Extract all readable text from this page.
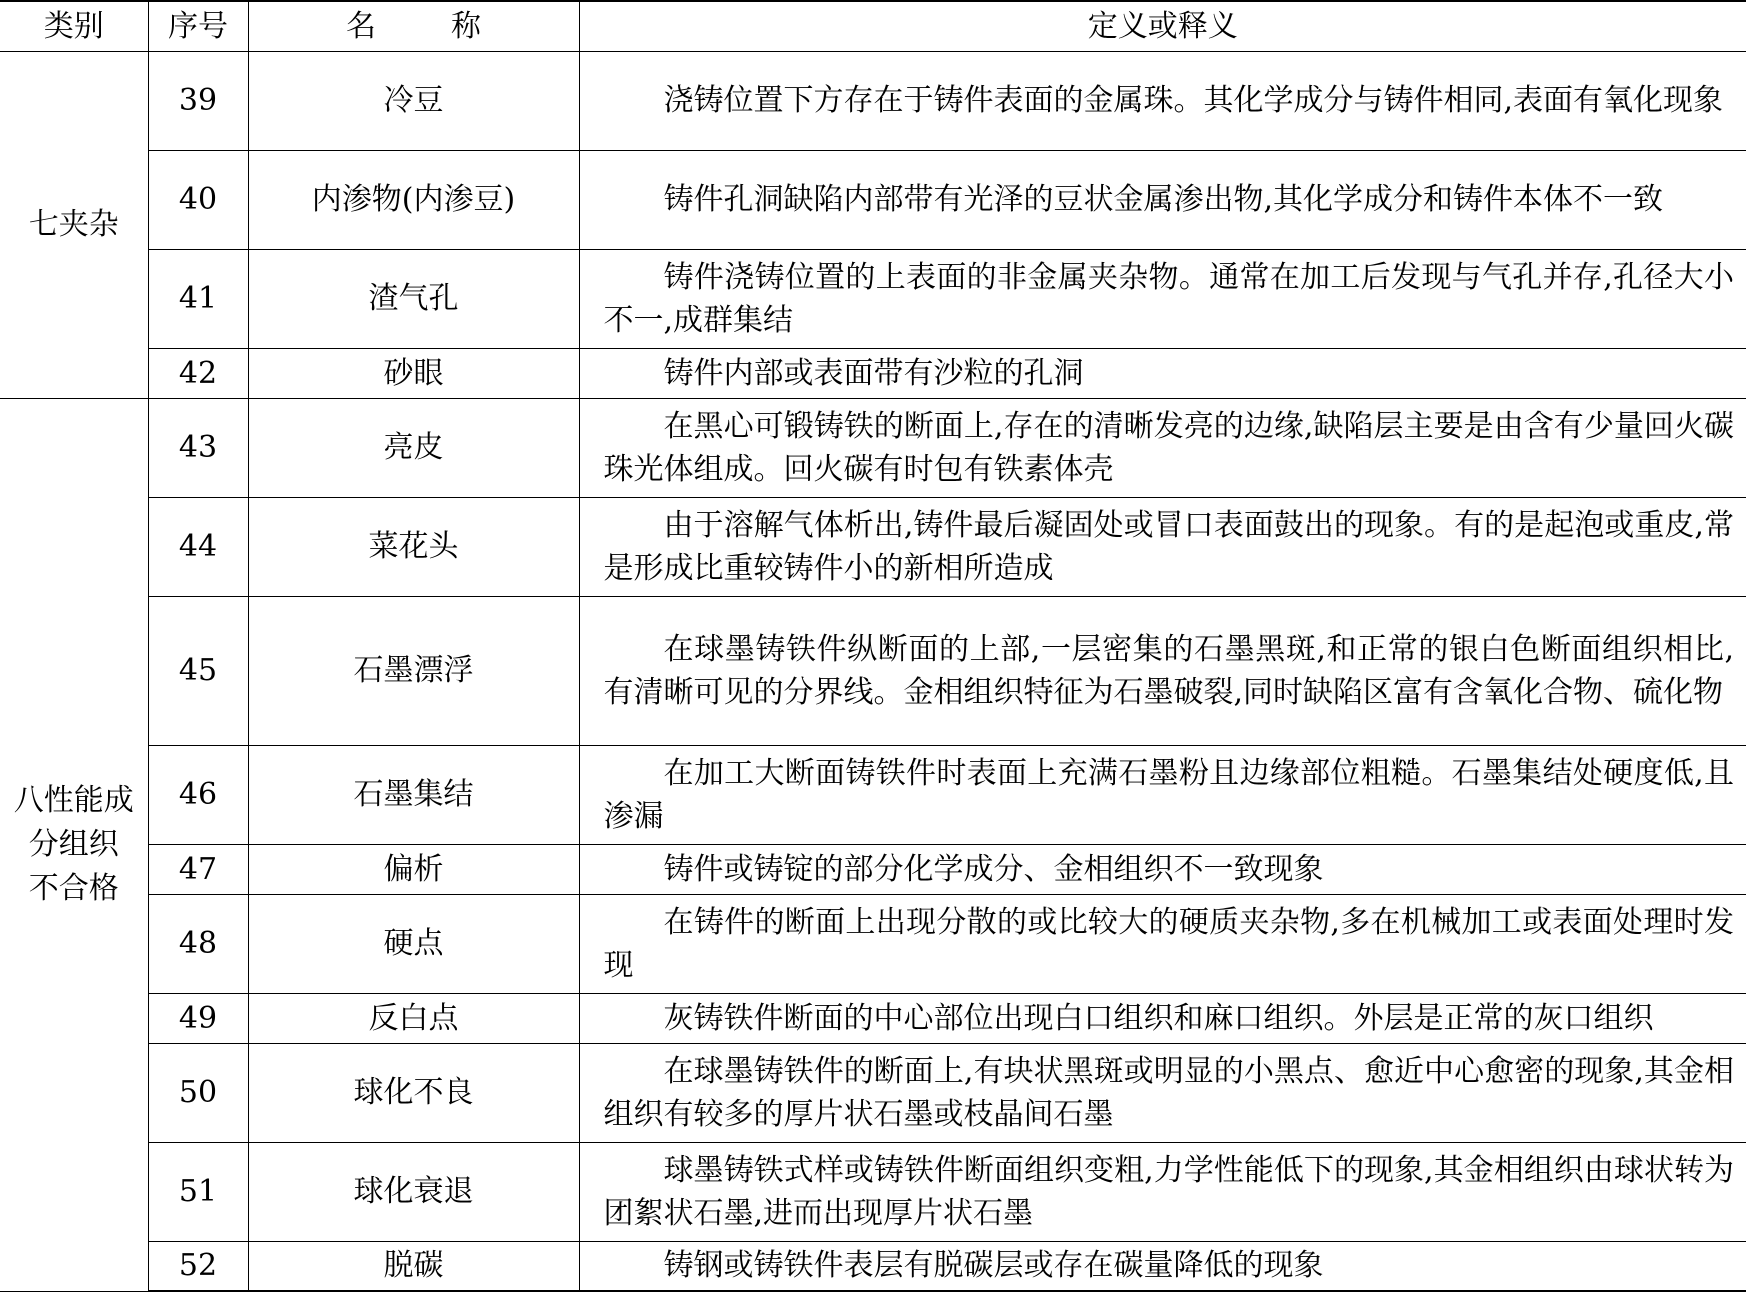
类别	序号	名 称	定义或释义
七夹杂	39	冷豆	浇铸位置下方存在于铸件表面的金属珠。其化学成分与铸件相同,表面有氧化现象
	40	内渗物(内渗豆)	铸件孔洞缺陷内部带有光泽的豆状金属渗出物,其化学成分和铸件本体不一致
	41	渣气孔	铸件浇铸位置的上表面的非金属夹杂物。通常在加工后发现与气孔并存,孔径大小不一,成群集结
	42	砂眼	铸件内部或表面带有沙粒的孔洞
八性能成
分组织
不合格	43	亮皮	在黑心可锻铸铁的断面上,存在的清晰发亮的边缘,缺陷层主要是由含有少量回火碳珠光体组成。回火碳有时包有铁素体壳
	44	菜花头	由于溶解气体析出,铸件最后凝固处或冒口表面鼓出的现象。有的是起泡或重皮,常是形成比重较铸件小的新相所造成
	45	石墨漂浮	在球墨铸铁件纵断面的上部,一层密集的石墨黑斑,和正常的银白色断面组织相比,有清晰可见的分界线。金相组织特征为石墨破裂,同时缺陷区富有含氧化合物、硫化物
	46	石墨集结	在加工大断面铸铁件时表面上充满石墨粉且边缘部位粗糙。石墨集结处硬度低,且渗漏
	47	偏析	铸件或铸锭的部分化学成分、金相组织不一致现象
	48	硬点	在铸件的断面上出现分散的或比较大的硬质夹杂物,多在机械加工或表面处理时发现
	49	反白点	灰铸铁件断面的中心部位出现白口组织和麻口组织。外层是正常的灰口组织
	50	球化不良	在球墨铸铁件的断面上,有块状黑斑或明显的小黑点、愈近中心愈密的现象,其金相组织有较多的厚片状石墨或枝晶间石墨
	51	球化衰退	球墨铸铁式样或铸铁件断面组织变粗,力学性能低下的现象,其金相组织由球状转为团絮状石墨,进而出现厚片状石墨
	52	脱碳	铸钢或铸铁件表层有脱碳层或存在碳量降低的现象
